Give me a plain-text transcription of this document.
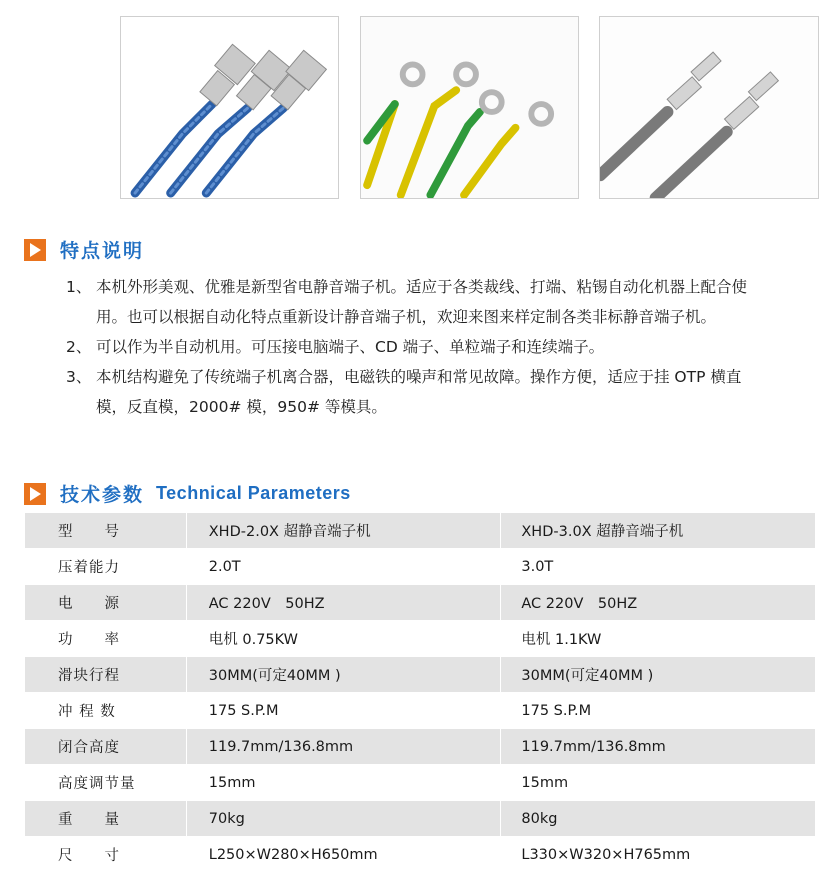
特点说明
1、 本机外形美观、优雅是新型省电静音端子机。适应于各类裁线、打端、粘锡自动化机器上配合使用。也可以根据自动化特点重新设计静音端子机，欢迎来图来样定制各类非标静音端子机。
2、 可以作为半自动机用。可压接电脑端子、CD 端子、单粒端子和连续端子。
3、 本机结构避免了传统端子机离合器，电磁铁的噪声和常见故障。操作方便，适应于挂 OTP 横直模，反直模，2000# 模，950# 等模具。
技术参数 Technical Parameters
型　　号	XHD-2.0X 超静音端子机	XHD-3.0X 超静音端子机
压着能力	2.0T	3.0T
电　　源	AC 220V　50HZ	AC 220V　50HZ
功　　率	电机 0.75KW	电机 1.1KW
滑块行程	30MM(可定40MM )	30MM(可定40MM )
冲 程 数	175 S.P.M	175 S.P.M
闭合高度	119.7mm/136.8mm	119.7mm/136.8mm
高度调节量	15mm	15mm
重　　量	70kg	80kg
尺　　寸	L250×W280×H650mm	L330×W320×H765mm
